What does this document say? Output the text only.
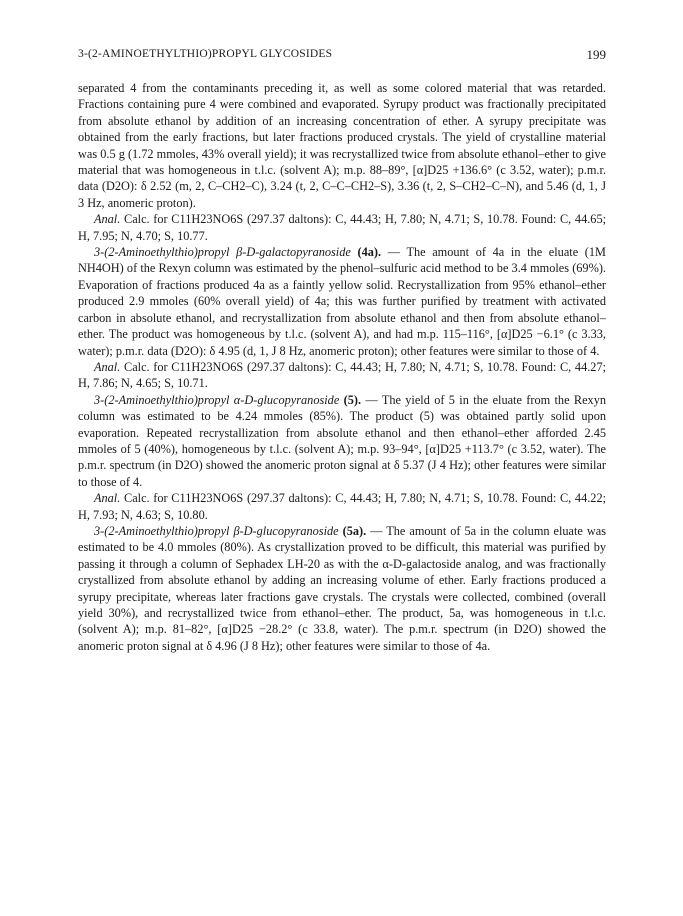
3-(2-AMINOETHYLTHIO)PROPYL GLYCOSIDES	199

separated 4 from the contaminants preceding it, as well as some colored material that was retarded. Fractions containing pure 4 were combined and evaporated. Syrupy product was fractionally precipitated from absolute ethanol by addition of an increasing concentration of ether. A syrupy precipitate was obtained from the early fractions, but later fractions produced crystals. The yield of crystalline material was 0.5 g (1.72 mmoles, 43% overall yield); it was recrystallized twice from absolute ethanol–ether to give material that was homogeneous in t.l.c. (solvent A); m.p. 88–89°, [α]D25 +136.6° (c 3.52, water); p.m.r. data (D2O): δ 2.52 (m, 2, C–CH2–C), 3.24 (t, 2, C–C–CH2–S), 3.36 (t, 2, S–CH2–C–N), and 5.46 (d, 1, J 3 Hz, anomeric proton).

Anal. Calc. for C11H23NO6S (297.37 daltons): C, 44.43; H, 7.80; N, 4.71; S, 10.78. Found: C, 44.65; H, 7.95; N, 4.70; S, 10.77.

3-(2-Aminoethylthio)propyl β-D-galactopyranoside (4a). — The amount of 4a in the eluate (1M NH4OH) of the Rexyn column was estimated by the phenol–sulfuric acid method to be 3.4 mmoles (69%). Evaporation of fractions produced 4a as a faintly yellow solid. Recrystallization from 95% ethanol–ether produced 2.9 mmoles (60% overall yield) of 4a; this was further purified by treatment with activated carbon in absolute ethanol, and recrystallization from absolute ethanol and then from absolute ethanol–ether. The product was homogeneous by t.l.c. (solvent A), and had m.p. 115–116°, [α]D25 −6.1° (c 3.33, water); p.m.r. data (D2O): δ 4.95 (d, 1, J 8 Hz, anomeric proton); other features were similar to those of 4.

Anal. Calc. for C11H23NO6S (297.37 daltons): C, 44.43; H, 7.80; N, 4.71; S, 10.78. Found: C, 44.27; H, 7.86; N, 4.65; S, 10.71.

3-(2-Aminoethylthio)propyl α-D-glucopyranoside (5). — The yield of 5 in the eluate from the Rexyn column was estimated to be 4.24 mmoles (85%). The product (5) was obtained partly solid upon evaporation. Repeated recrystallization from absolute ethanol and then ethanol–ether afforded 2.45 mmoles of 5 (40%), homogeneous by t.l.c. (solvent A); m.p. 93–94°, [α]D25 +113.7° (c 3.52, water). The p.m.r. spectrum (in D2O) showed the anomeric proton signal at δ 5.37 (J 4 Hz); other features were similar to those of 4.

Anal. Calc. for C11H23NO6S (297.37 daltons): C, 44.43; H, 7.80; N, 4.71; S, 10.78. Found: C, 44.22; H, 7.93; N, 4.63; S, 10.80.

3-(2-Aminoethylthio)propyl β-D-glucopyranoside (5a). — The amount of 5a in the column eluate was estimated to be 4.0 mmoles (80%). As crystallization proved to be difficult, this material was purified by passing it through a column of Sephadex LH-20 as with the α-D-galactoside analog, and was fractionally crystallized from absolute ethanol by adding an increasing volume of ether. Early fractions produced a syrupy precipitate, whereas later fractions gave crystals. The crystals were collected, combined (overall yield 30%), and recrystallized twice from ethanol–ether. The product, 5a, was homogeneous in t.l.c. (solvent A); m.p. 81–82°, [α]D25 −28.2° (c 33.8, water). The p.m.r. spectrum (in D2O) showed the anomeric proton signal at δ 4.96 (J 8 Hz); other features were similar to those of 4a.
